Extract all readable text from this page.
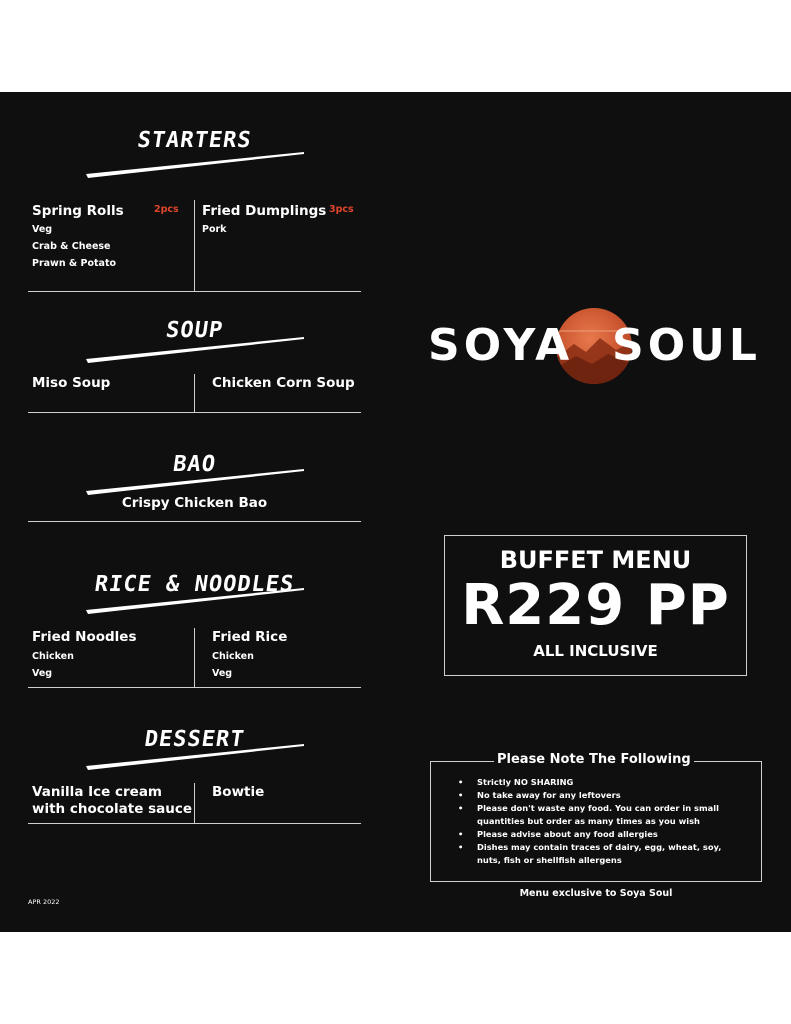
STARTERS
Spring Rolls	2pcs
Veg
Crab & Cheese
Prawn & Potato
Fried Dumplings 3pcs
Pork
SOUP
Miso Soup	Chicken Corn Soup
BAO
Crispy Chicken Bao
RICE & NOODLES
Fried Noodles
Chicken
Veg
Fried Rice
Chicken
Veg
DESSERT
Vanilla Ice cream
with chocolate sauce
Bowtie
APR 2022
SOYA SOUL
BUFFET MENU
R229 PP
ALL INCLUSIVE
Please Note The Following
• Strictly NO SHARING
• No take away for any leftovers
• Please don't waste any food. You can order in small quantities but order as many times as you wish
• Please advise about any food allergies
• Dishes may contain traces of dairy, egg, wheat, soy, nuts, fish or shellfish allergens
Menu exclusive to Soya Soul
